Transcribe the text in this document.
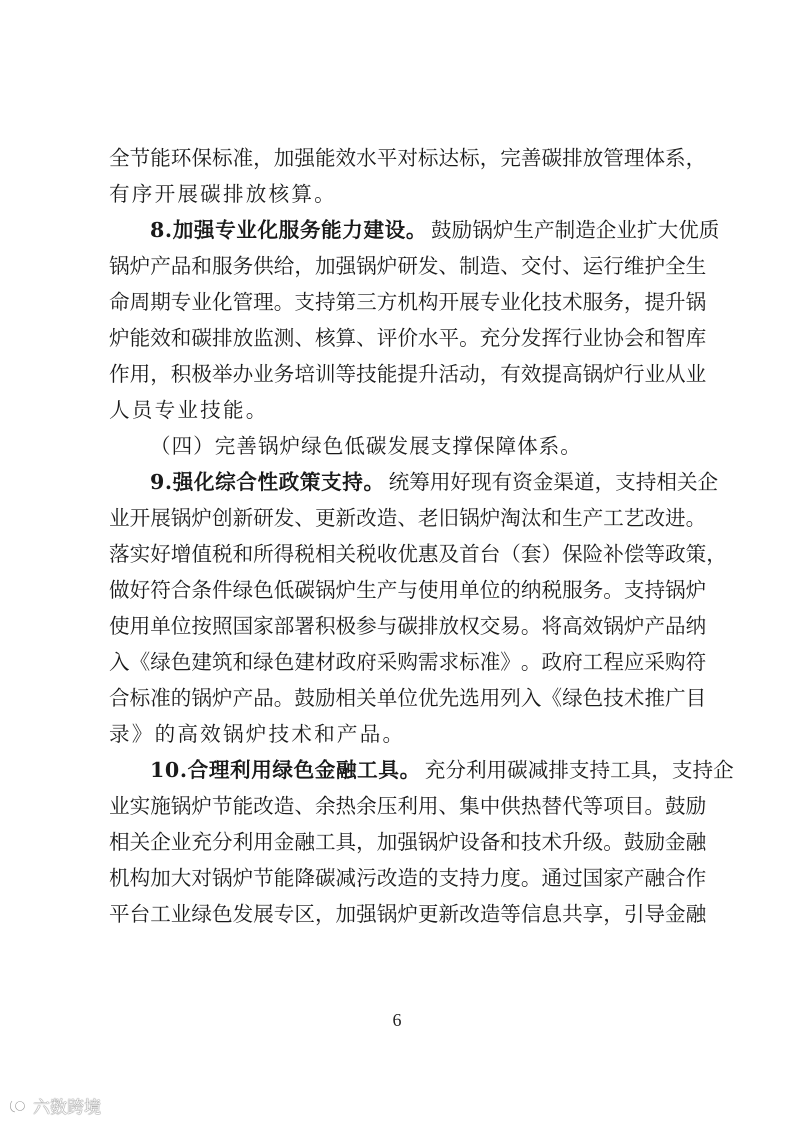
全 节 能 环 保 标 准 ， 加 强 能 效 水 平 对 标 达 标 ， 完 善 碳 排 放 管 理 体 系 ，
有序开展碳排放核算。
8.加强专业化服务能力建设。 鼓 励 锅 炉 生 产 制 造 企 业 扩 大 优 质
锅 炉 产 品 和 服 务 供 给 ， 加 强 锅 炉 研 发 、 制 造 、 交 付 、 运 行 维 护 全 生
命 周 期 专 业 化 管 理 。 支 持 第 三 方 机 构 开 展 专 业 化 技 术 服 务 ， 提 升 锅
炉 能 效 和 碳 排 放 监 测 、 核 算 、 评 价 水 平 。 充 分 发 挥 行 业 协 会 和 智 库
作 用 ， 积 极 举 办 业 务 培 训 等 技 能 提 升 活 动 ， 有 效 提 高 锅 炉 行 业 从 业
人员专业技能。
（四）完善锅炉绿色低碳发展支撑保障体系。
9.强化综合性政策支持。 统 筹 用 好 现 有 资 金 渠 道 ， 支 持 相 关 企
业 开 展 锅 炉 创 新 研 发 、 更 新 改 造 、 老 旧 锅 炉 淘 汰 和 生 产 工 艺 改 进 。
落 实 好 增 值 税 和 所 得 税 相 关 税 收 优 惠 及 首 台 （ 套 ） 保 险 补 偿 等 政 策 ，
做 好 符 合 条 件 绿 色 低 碳 锅 炉 生 产 与 使 用 单 位 的 纳 税 服 务 。 支 持 锅 炉
使 用 单 位 按 照 国 家 部 署 积 极 参 与 碳 排 放 权 交 易 。 将 高 效 锅 炉 产 品 纳
入 《 绿 色 建 筑 和 绿 色 建 材 政 府 采 购 需 求 标 准 》 。 政 府 工 程 应 采 购 符
合 标 准 的 锅 炉 产 品 。 鼓 励 相 关 单 位 优 先 选 用 列 入 《 绿 色 技 术 推 广 目
录》的高效锅炉技术和产品。
10.合理利用绿色金融工具。 充 分 利 用 碳 减 排 支 持 工 具 ， 支 持 企
业 实 施 锅 炉 节 能 改 造 、 余 热 余 压 利 用 、 集 中 供 热 替 代 等 项 目 。 鼓 励
相 关 企 业 充 分 利 用 金 融 工 具 ， 加 强 锅 炉 设 备 和 技 术 升 级 。 鼓 励 金 融
机 构 加 大 对 锅 炉 节 能 降 碳 减 污 改 造 的 支 持 力 度 。 通 过 国 家 产 融 合 作
平 台 工 业 绿 色 发 展 专 区 ， 加 强 锅 炉 更 新 改 造 等 信 息 共 享 ， 引 导 金 融
6
六数跨境
